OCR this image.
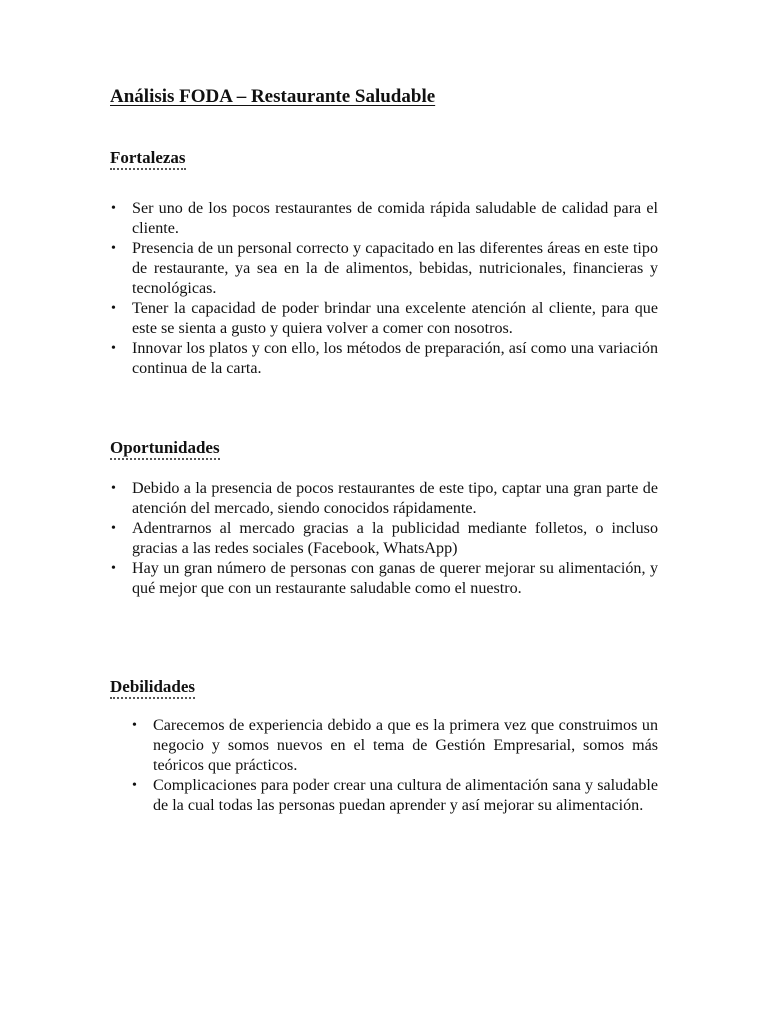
Análisis FODA – Restaurante Saludable
Fortalezas
• Ser uno de los pocos restaurantes de comida rápida saludable de calidad para el cliente.
• Presencia de un personal correcto y capacitado en las diferentes áreas en este tipo de restaurante, ya sea en la de alimentos, bebidas, nutricionales, financieras y tecnológicas.
• Tener la capacidad de poder brindar una excelente atención al cliente, para que este se sienta a gusto y quiera volver a comer con nosotros.
• Innovar los platos y con ello, los métodos de preparación, así como una variación continua de la carta.
Oportunidades
• Debido a la presencia de pocos restaurantes de este tipo, captar una gran parte de atención del mercado, siendo conocidos rápidamente.
• Adentrarnos al mercado gracias a la publicidad mediante folletos, o incluso gracias a las redes sociales (Facebook, WhatsApp)
• Hay un gran número de personas con ganas de querer mejorar su alimentación, y qué mejor que con un restaurante saludable como el nuestro.
Debilidades
• Carecemos de experiencia debido a que es la primera vez que construimos un negocio y somos nuevos en el tema de Gestión Empresarial, somos más teóricos que prácticos.
• Complicaciones para poder crear una cultura de alimentación sana y saludable de la cual todas las personas puedan aprender y así mejorar su alimentación.
